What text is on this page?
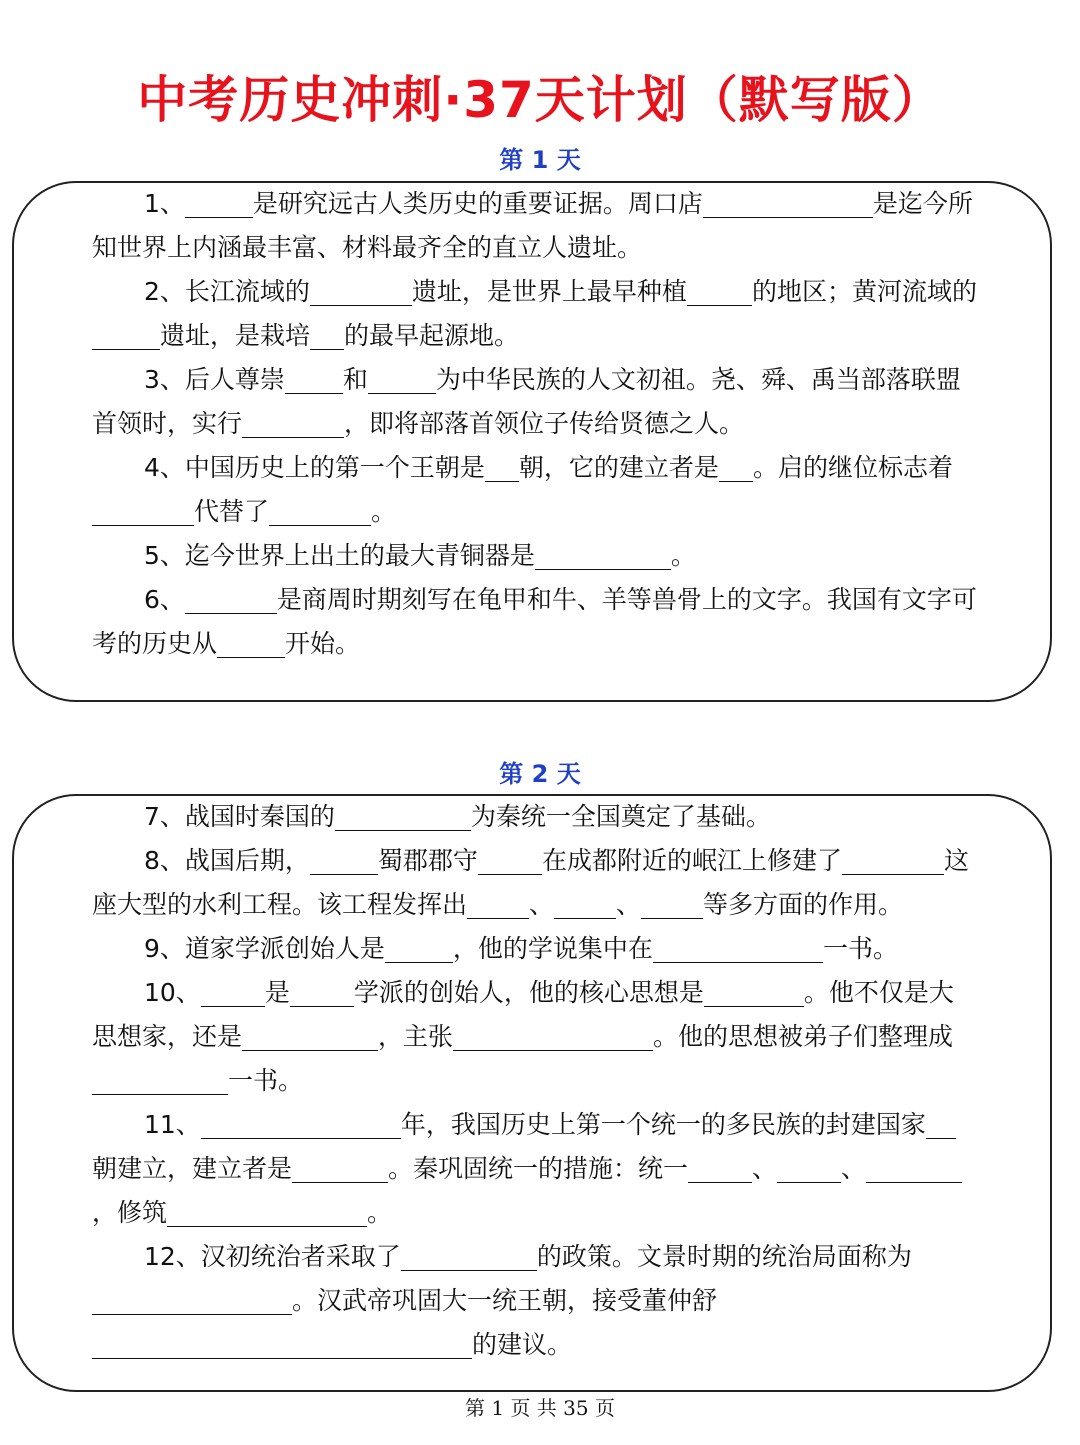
中考历史冲刺·37天计划（默写版）
第 1 天
1、	是研究远古人类历史的重要证据。周口店	是迄今所知世界上内涵最丰富、材料最齐全的直立人遗址。
2、长江流域的	遗址，是世界上最早种植	的地区；黄河流域的遗址，是栽培 的最早起源地。
3、后人尊崇 和	为中华民族的人文初祖。尧、舜、禹当部落联盟首领时，实行	，即将部落首领位子传给贤德之人。
4、中国历史上的第一个王朝是 朝，它的建立者是 。启的继位标志着代替了	。
5、迄今世界上出土的最大青铜器是	。
6、	是商周时期刻写在龟甲和牛、羊等兽骨上的文字。我国有文字可考的历史从	开始。
第 2 天
7、战国时秦国的	为秦统一全国奠定了基础。
8、战国后期，	蜀郡郡守	在成都附近的岷江上修建了	这座大型的水利工程。该工程发挥出 、 、 等多方面的作用。
9、道家学派创始人是	，他的学说集中在	一书。
10、	是	学派的创始人，他的核心思想是	。他不仅是大思想家，还是	，主张	。他的思想被弟子们整理成一书。
11、	年，我国历史上第一个统一的多民族的封建国家朝建立，建立者是	。秦巩固统一的措施：统一	、	、，修筑	。
12、汉初统治者采取了	的政策。文景时期的统治局面称为。汉武帝巩固大一统王朝，接受董仲舒的建议。
第 1 页 共 35 页
